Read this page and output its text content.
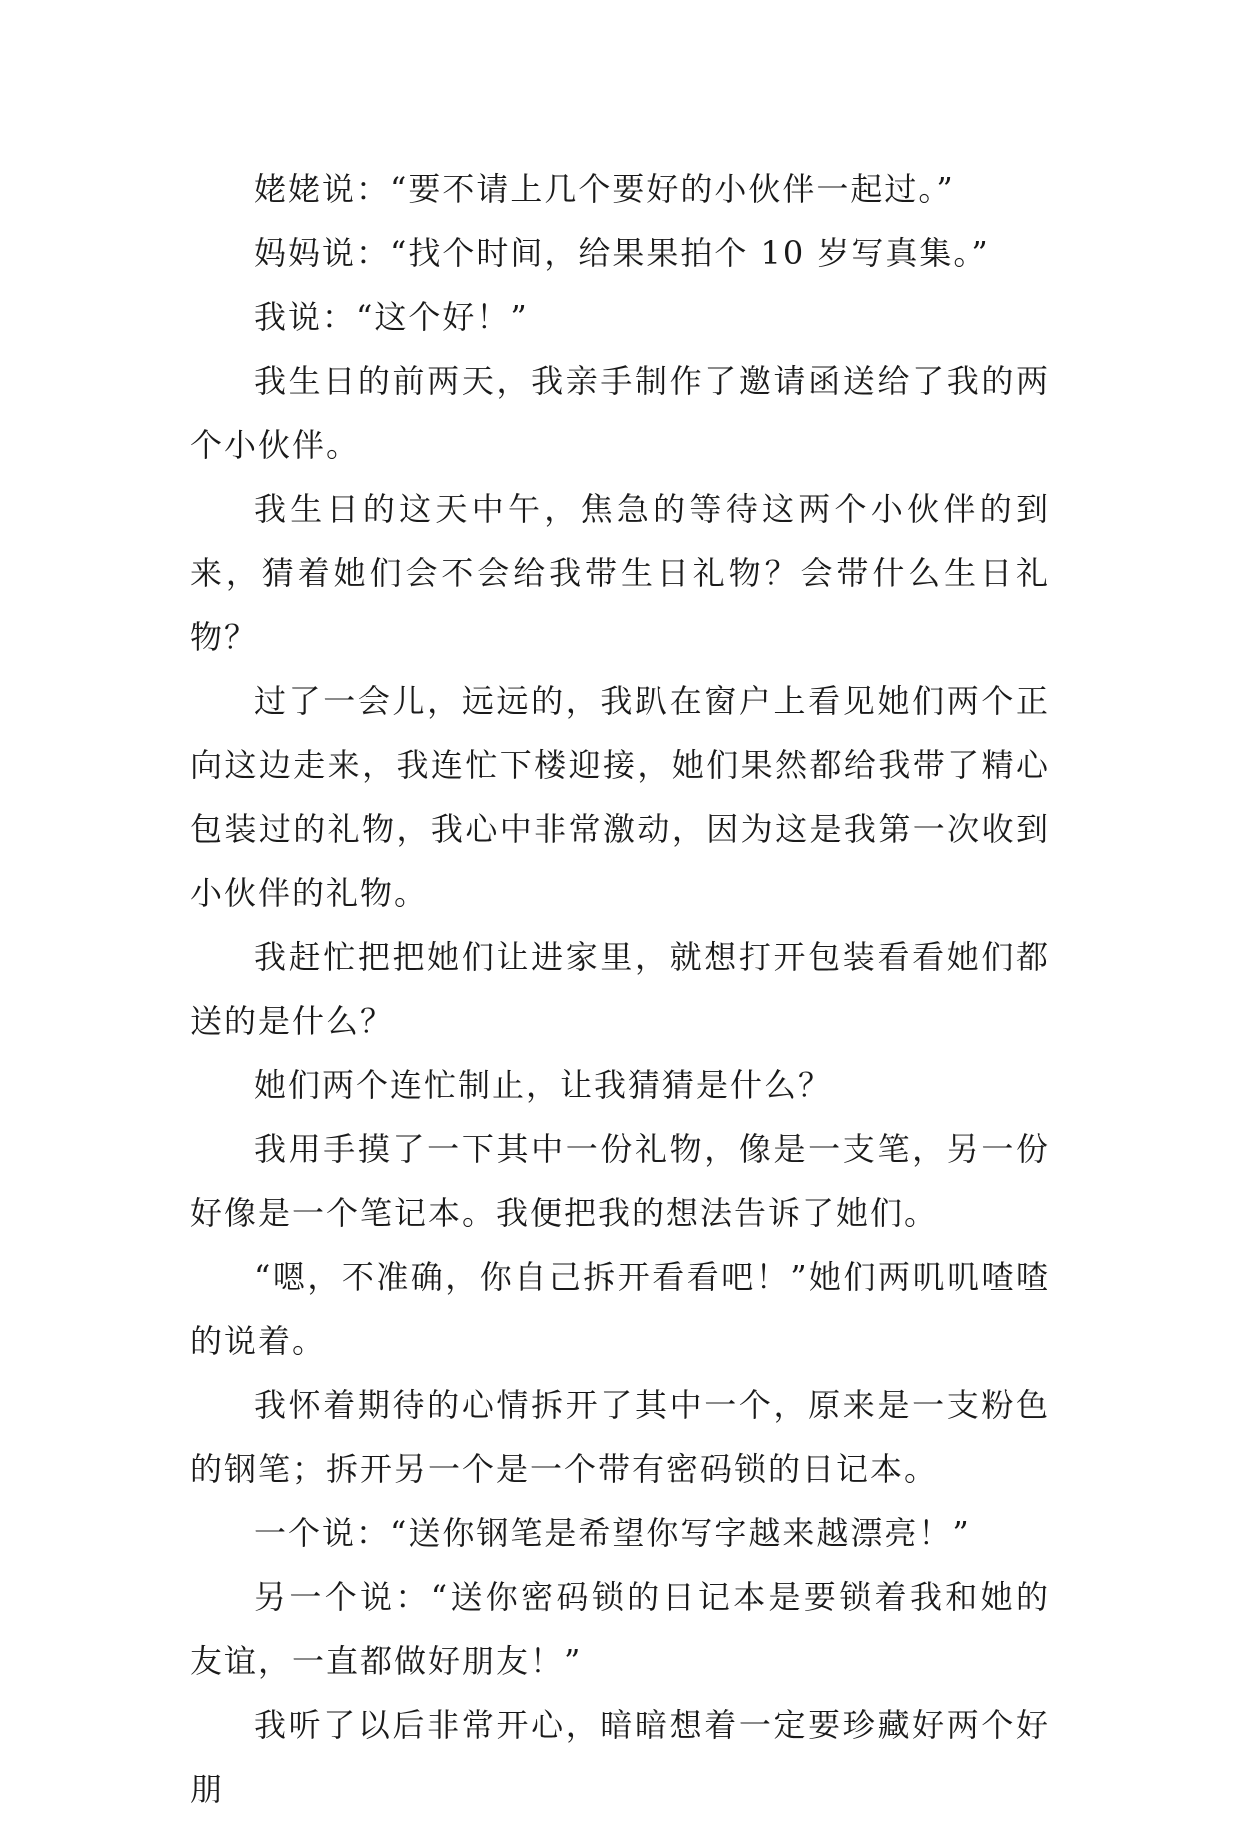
姥姥说：“要不请上几个要好的小伙伴一起过。”

妈妈说：“找个时间，给果果拍个 10 岁写真集。”

我说：“这个好！”

我生日的前两天，我亲手制作了邀请函送给了我的两个小伙伴。

我生日的这天中午，焦急的等待这两个小伙伴的到来，猜着她们会不会给我带生日礼物？会带什么生日礼物？

过了一会儿，远远的，我趴在窗户上看见她们两个正向这边走来，我连忙下楼迎接，她们果然都给我带了精心包装过的礼物，我心中非常激动，因为这是我第一次收到小伙伴的礼物。

我赶忙把把她们让进家里，就想打开包装看看她们都送的是什么？

她们两个连忙制止，让我猜猜是什么？

我用手摸了一下其中一份礼物，像是一支笔，另一份好像是一个笔记本。我便把我的想法告诉了她们。

“嗯，不准确，你自己拆开看看吧！”她们两叽叽喳喳的说着。

我怀着期待的心情拆开了其中一个，原来是一支粉色的钢笔；拆开另一个是一个带有密码锁的日记本。

一个说：“送你钢笔是希望你写字越来越漂亮！”

另一个说：“送你密码锁的日记本是要锁着我和她的友谊，一直都做好朋友！”

我听了以后非常开心，暗暗想着一定要珍藏好两个好朋
